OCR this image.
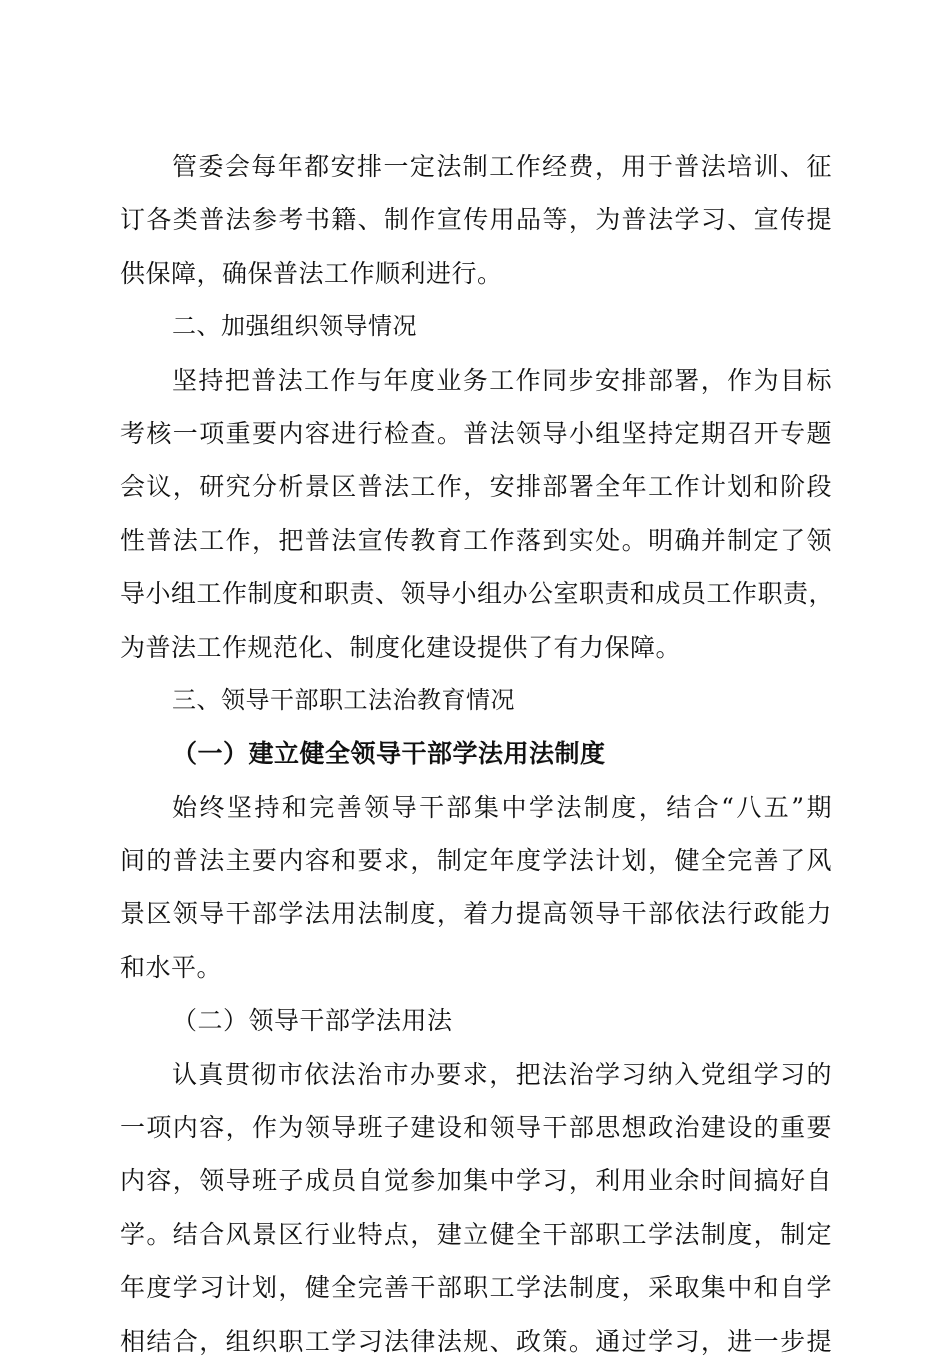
管委会每年都安排一定法制工作经费，用于普法培训、征
订各类普法参考书籍、制作宣传用品等，为普法学习、宣传提
供保障，确保普法工作顺利进行。
二、加强组织领导情况
坚持把普法工作与年度业务工作同步安排部署，作为目标
考核一项重要内容进行检查。普法领导小组坚持定期召开专题
会议，研究分析景区普法工作，安排部署全年工作计划和阶段
性普法工作，把普法宣传教育工作落到实处。明确并制定了领
导小组工作制度和职责、领导小组办公室职责和成员工作职责，
为普法工作规范化、制度化建设提供了有力保障。
三、领导干部职工法治教育情况
（一）建立健全领导干部学法用法制度
始终坚持和完善领导干部集中学法制度，结合“八五”期
间的普法主要内容和要求，制定年度学法计划，健全完善了风
景区领导干部学法用法制度，着力提高领导干部依法行政能力
和水平。
（二）领导干部学法用法
认真贯彻市依法治市办要求，把法治学习纳入党组学习的
一项内容，作为领导班子建设和领导干部思想政治建设的重要
内容，领导班子成员自觉参加集中学习，利用业余时间搞好自
学。结合风景区行业特点，建立健全干部职工学法制度，制定
年度学习计划，健全完善干部职工学法制度，采取集中和自学
相结合，组织职工学习法律法规、政策。通过学习，进一步提
